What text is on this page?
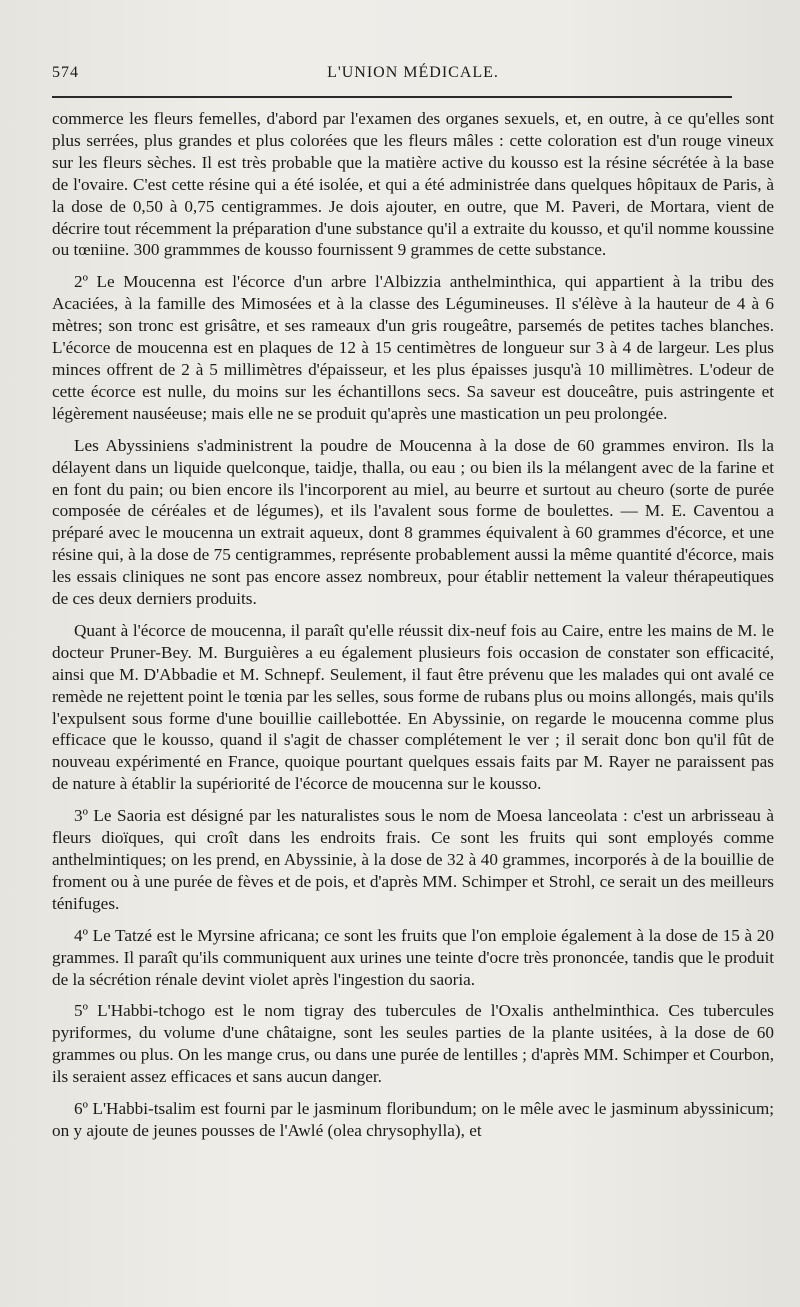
574	L'UNION MÉDICALE.

commerce les fleurs femelles, d'abord par l'examen des organes sexuels, et, en outre, à ce qu'elles sont plus serrées, plus grandes et plus colorées que les fleurs mâles : cette coloration est d'un rouge vineux sur les fleurs sèches. Il est très probable que la matière active du kousso est la résine sécrétée à la base de l'ovaire. C'est cette résine qui a été isolée, et qui a été administrée dans quelques hôpitaux de Paris, à la dose de 0,50 à 0,75 centigrammes. Je dois ajouter, en outre, que M. Paveri, de Mortara, vient de décrire tout récemment la préparation d'une substance qu'il a extraite du kousso, et qu'il nomme koussine ou tœniine. 300 grammmes de kousso fournissent 9 grammes de cette substance.

2º Le Moucenna est l'écorce d'un arbre l'Albizzia anthelminthica, qui appartient à la tribu des Acaciées, à la famille des Mimosées et à la classe des Légumineuses. Il s'élève à la hauteur de 4 à 6 mètres; son tronc est grisâtre, et ses rameaux d'un gris rougeâtre, parsemés de petites taches blanches. L'écorce de moucenna est en plaques de 12 à 15 centimètres de longueur sur 3 à 4 de largeur. Les plus minces offrent de 2 à 5 millimètres d'épaisseur, et les plus épaisses jusqu'à 10 millimètres. L'odeur de cette écorce est nulle, du moins sur les échantillons secs. Sa saveur est douceâtre, puis astringente et légèrement nauséeuse; mais elle ne se produit qu'après une mastication un peu prolongée.

Les Abyssiniens s'administrent la poudre de Moucenna à la dose de 60 grammes environ. Ils la délayent dans un liquide quelconque, taidje, thalla, ou eau ; ou bien ils la mélangent avec de la farine et en font du pain; ou bien encore ils l'incorporent au miel, au beurre et surtout au cheuro (sorte de purée composée de céréales et de légumes), et ils l'avalent sous forme de boulettes. — M. E. Caventou a préparé avec le moucenna un extrait aqueux, dont 8 grammes équivalent à 60 grammes d'écorce, et une résine qui, à la dose de 75 centigrammes, représente probablement aussi la même quantité d'écorce, mais les essais cliniques ne sont pas encore assez nombreux, pour établir nettement la valeur thérapeutiques de ces deux derniers produits.

Quant à l'écorce de moucenna, il paraît qu'elle réussit dix-neuf fois au Caire, entre les mains de M. le docteur Pruner-Bey. M. Burguières a eu également plusieurs fois occasion de constater son efficacité, ainsi que M. D'Abbadie et M. Schnepf. Seulement, il faut être prévenu que les malades qui ont avalé ce remède ne rejettent point le tœnia par les selles, sous forme de rubans plus ou moins allongés, mais qu'ils l'expulsent sous forme d'une bouillie caillebottée. En Abyssinie, on regarde le moucenna comme plus efficace que le kousso, quand il s'agit de chasser complétement le ver ; il serait donc bon qu'il fût de nouveau expérimenté en France, quoique pourtant quelques essais faits par M. Rayer ne paraissent pas de nature à établir la supériorité de l'écorce de moucenna sur le kousso.

3º Le Saoria est désigné par les naturalistes sous le nom de Moesa lanceolata : c'est un arbrisseau à fleurs dioïques, qui croît dans les endroits frais. Ce sont les fruits qui sont employés comme anthelmintiques; on les prend, en Abyssinie, à la dose de 32 à 40 grammes, incorporés à de la bouillie de froment ou à une purée de fèves et de pois, et d'après MM. Schimper et Strohl, ce serait un des meilleurs ténifuges.

4º Le Tatzé est le Myrsine africana; ce sont les fruits que l'on emploie également à la dose de 15 à 20 grammes. Il paraît qu'ils communiquent aux urines une teinte d'ocre très prononcée, tandis que le produit de la sécrétion rénale devint violet après l'ingestion du saoria.

5º L'Habbi-tchogo est le nom tigray des tubercules de l'Oxalis anthelminthica. Ces tubercules pyriformes, du volume d'une châtaigne, sont les seules parties de la plante usitées, à la dose de 60 grammes ou plus. On les mange crus, ou dans une purée de lentilles ; d'après MM. Schimper et Courbon, ils seraient assez efficaces et sans aucun danger.

6º L'Habbi-tsalim est fourni par le jasminum floribundum; on le mêle avec le jasminum abyssinicum; on y ajoute de jeunes pousses de l'Awlé (olea chrysophylla), et
